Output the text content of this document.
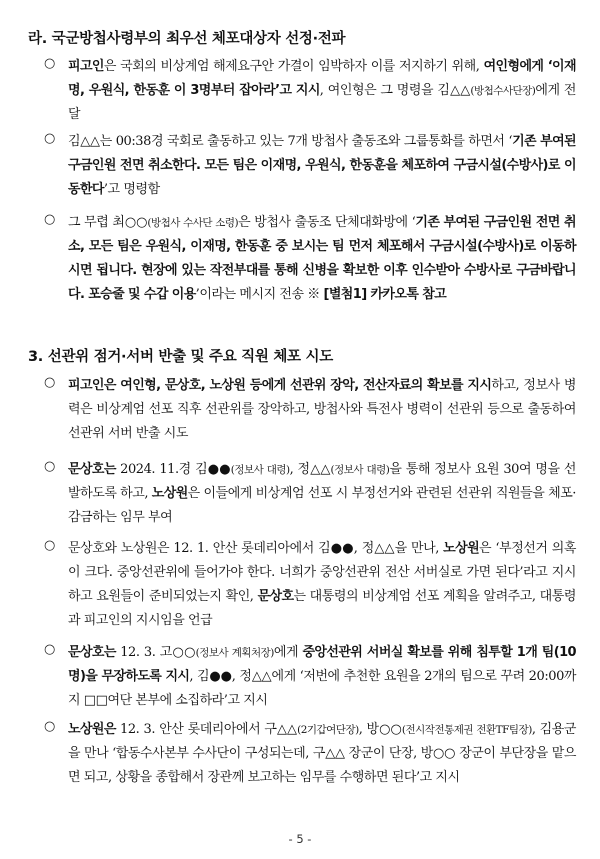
라. 국군방첩사령부의 최우선 체포대상자 선정·전파
○ 피고인은 국회의 비상계엄 해제요구안 가결이 임박하자 이를 저지하기 위해, 여인형에게 ‘이재명, 우원식, 한동훈 이 3명부터 잡아라’고 지시, 여인형은 그 명령을 김△△(방첩수사단장)에게 전달

○ 김△△는 00:38경 국회로 출동하고 있는 7개 방첩사 출동조와 그룹통화를 하면서 ‘기존 부여된 구금인원 전면 취소한다. 모든 팀은 이재명, 우원식, 한동훈을 체포하여 구금시설(수방사)로 이동한다’고 명령함

○ 그 무렵 최○○(방첩사 수사단 소령)은 방첩사 출동조 단체대화방에 ‘기존 부여된 구금인원 전면 취소, 모든 팀은 우원식, 이재명, 한동훈 중 보시는 팀 먼저 체포해서 구금시설(수방사)로 이동하시면 됩니다. 현장에 있는 작전부대를 통해 신병을 확보한 이후 인수받아 수방사로 구금바랍니다. 포승줄 및 수갑 이용’이라는 메시지 전송 ※ [별첨1] 카카오톡 참고

3. 선관위 점거·서버 반출 및 주요 직원 체포 시도
○ 피고인은 여인형, 문상호, 노상원 등에게 선관위 장악, 전산자료의 확보를 지시하고, 정보사 병력은 비상계엄 선포 직후 선관위를 장악하고, 방첩사와 특전사 병력이 선관위 등으로 출동하여 선관위 서버 반출 시도

○ 문상호는 2024. 11.경 김●●(정보사 대령), 정△△(정보사 대령)을 통해 정보사 요원 30여 명을 선발하도록 하고, 노상원은 이들에게 비상계엄 선포 시 부정선거와 관련된 선관위 직원들을 체포·감금하는 임무 부여

○ 문상호와 노상원은 12. 1. 안산 롯데리아에서 김●●, 정△△을 만나, 노상원은 ‘부정선거 의혹이 크다. 중앙선관위에 들어가야 한다. 너희가 중앙선관위 전산 서버실로 가면 된다’라고 지시하고 요원들이 준비되었는지 확인, 문상호는 대통령의 비상계엄 선포 계획을 알려주고, 대통령과 피고인의 지시임을 언급

○ 문상호는 12. 3. 고○○(정보사 계획처장)에게 중앙선관위 서버실 확보를 위해 침투할 1개 팀(10명)을 무장하도록 지시, 김●●, 정△△에게 ‘저번에 추천한 요원을 2개의 팀으로 꾸려 20:00까지 □□여단 본부에 소집하라’고 지시

○ 노상원은 12. 3. 안산 롯데리아에서 구△△(2기갑여단장), 방○○(전시작전통제권 전환TF팀장), 김용군을 만나 ‘합동수사본부 수사단이 구성되는데, 구△△ 장군이 단장, 방○○ 장군이 부단장을 맡으면 되고, 상황을 종합해서 장관께 보고하는 임무를 수행하면 된다’고 지시

- 5 -
